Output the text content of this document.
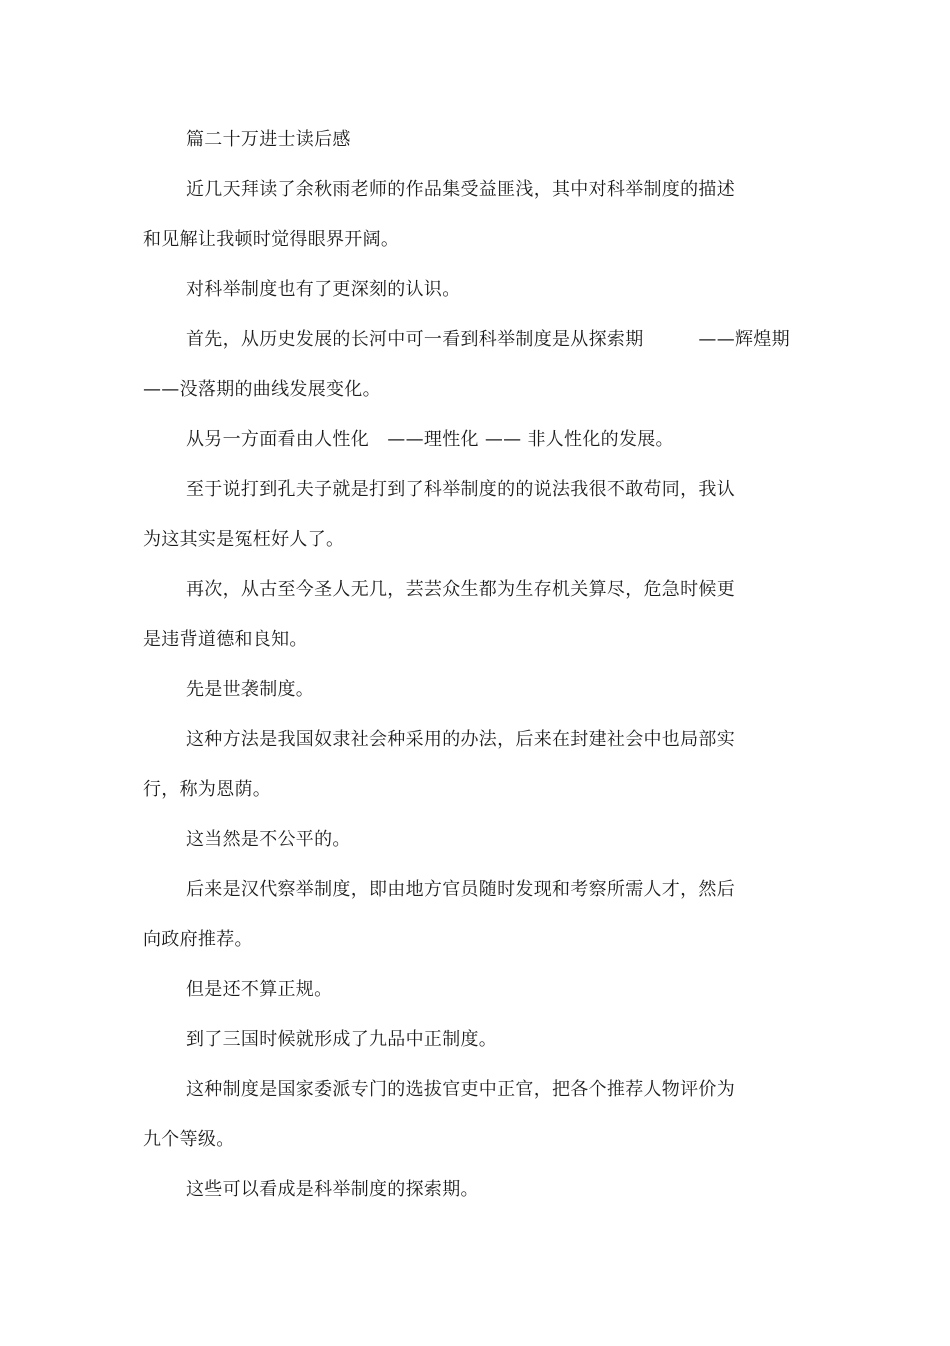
篇二十万进士读后感
近几天拜读了余秋雨老师的作品集受益匪浅，其中对科举制度的描述
和见解让我顿时觉得眼界开阔。
对科举制度也有了更深刻的认识。
首先，从历史发展的长河中可一看到科举制度是从探索期　　　——辉煌期
——没落期的曲线发展变化。
从另一方面看由人性化　——理性化 —— 非人性化的发展。
至于说打到孔夫子就是打到了科举制度的的说法我很不敢苟同，我认
为这其实是冤枉好人了。
再次，从古至今圣人无几，芸芸众生都为生存机关算尽，危急时候更
是违背道德和良知。
先是世袭制度。
这种方法是我国奴隶社会种采用的办法，后来在封建社会中也局部实
行，称为恩荫。
这当然是不公平的。
后来是汉代察举制度，即由地方官员随时发现和考察所需人才，然后
向政府推荐。
但是还不算正规。
到了三国时候就形成了九品中正制度。
这种制度是国家委派专门的选拔官吏中正官，把各个推荐人物评价为
九个等级。
这些可以看成是科举制度的探索期。
